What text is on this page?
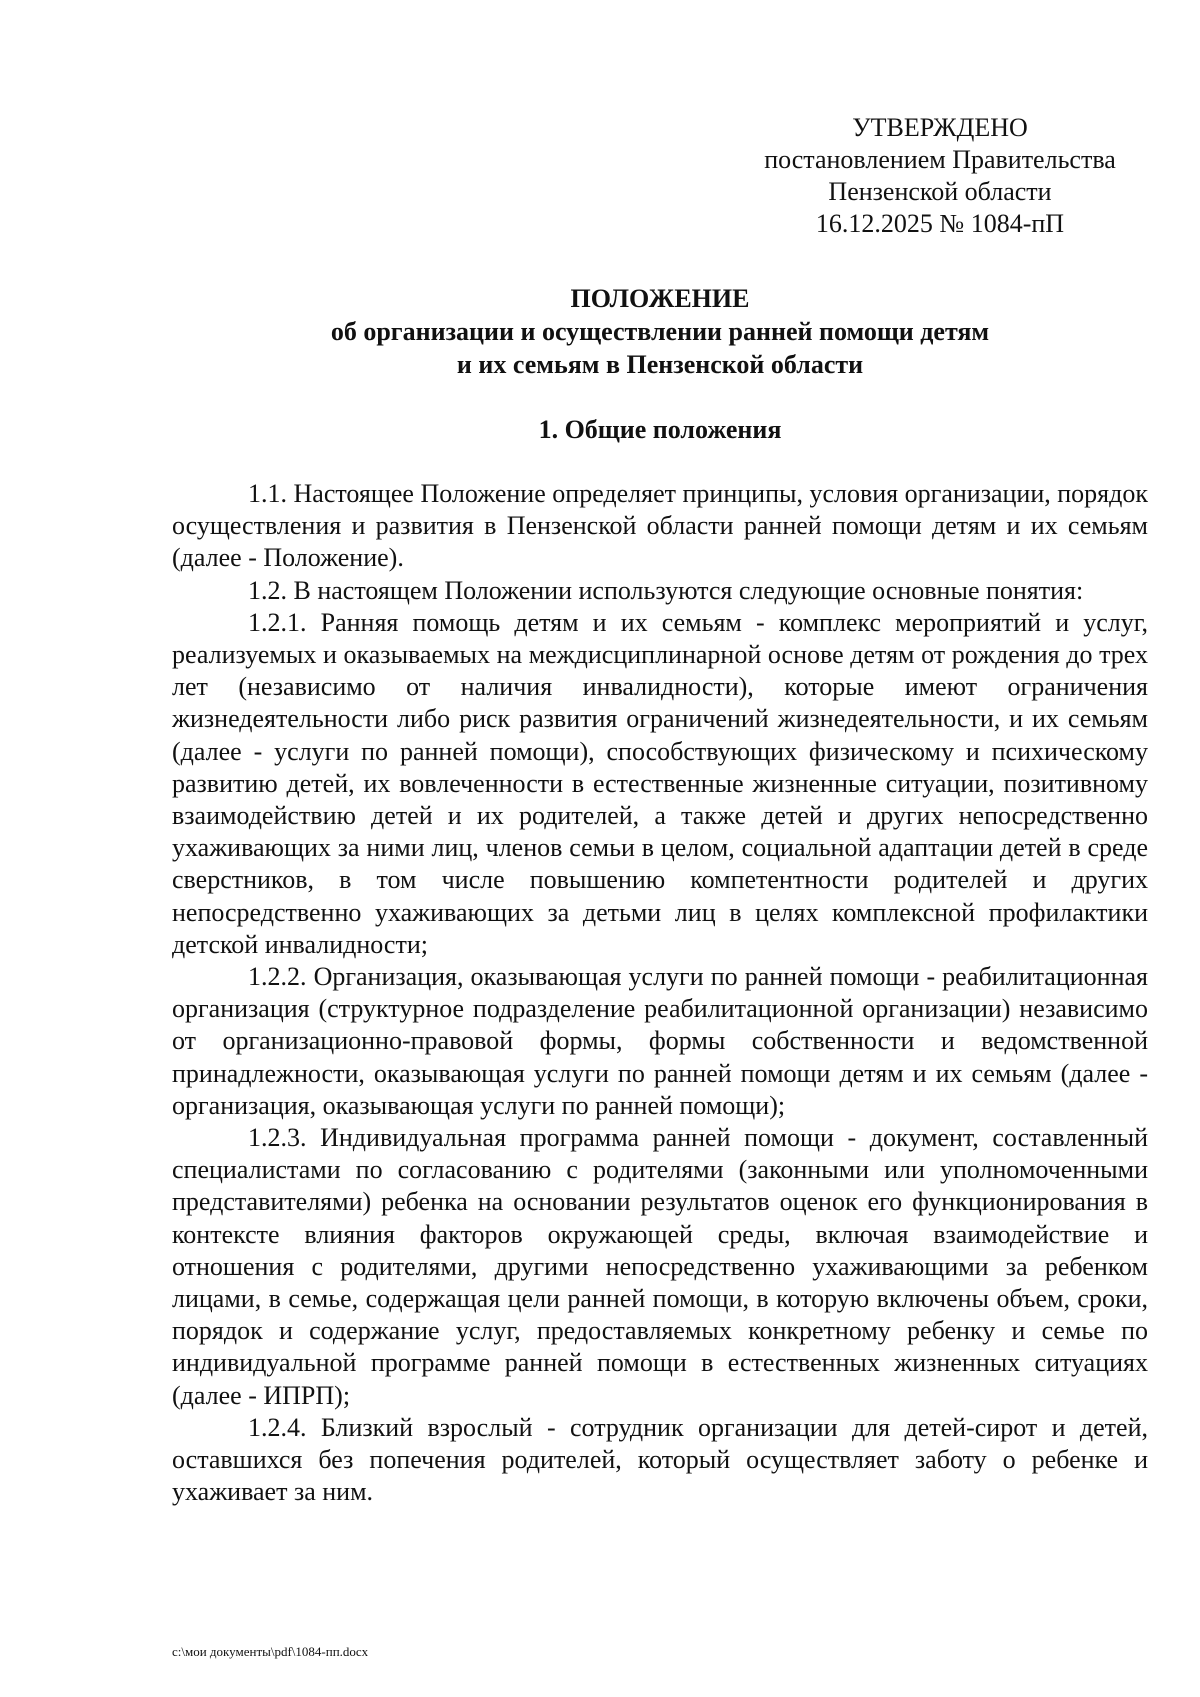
УТВЕРЖДЕНО
постановлением Правительства
Пензенской области
16.12.2025 № 1084-пП
ПОЛОЖЕНИЕ
об организации и осуществлении ранней помощи детям
и их семьям в Пензенской области
1. Общие положения

1.1. Настоящее Положение определяет принципы, условия организации, порядок осуществления и развития в Пензенской области ранней помощи детям и их семьям (далее - Положение).

1.2. В настоящем Положении используются следующие основные понятия:

1.2.1. Ранняя помощь детям и их семьям - комплекс мероприятий и услуг, реализуемых и оказываемых на междисциплинарной основе детям от рождения до трех лет (независимо от наличия инвалидности), которые имеют ограничения жизнедеятельности либо риск развития ограничений жизнедеятельности, и их семьям (далее - услуги по ранней помощи), способствующих физическому и психическому развитию детей, их вовлеченности в естественные жизненные ситуации, позитивному взаимодействию детей и их родителей, а также детей и других непосредственно ухаживающих за ними лиц, членов семьи в целом, социальной адаптации детей в среде сверстников, в том числе повышению компетентности родителей и других непосредственно ухаживающих за детьми лиц в целях комплексной профилактики детской инвалидности;

1.2.2. Организация, оказывающая услуги по ранней помощи - реабилитационная организация (структурное подразделение реабилитационной организации) независимо от организационно-правовой формы, формы собственности и ведомственной принадлежности, оказывающая услуги по ранней помощи детям и их семьям (далее - организация, оказывающая услуги по ранней помощи);

1.2.3. Индивидуальная программа ранней помощи - документ, составленный специалистами по согласованию с родителями (законными или уполномоченными представителями) ребенка на основании результатов оценок его функционирования в контексте влияния факторов окружающей среды, включая взаимодействие и отношения с родителями, другими непосредственно ухаживающими за ребенком лицами, в семье, содержащая цели ранней помощи, в которую включены объем, сроки, порядок и содержание услуг, предоставляемых конкретному ребенку и семье по индивидуальной программе ранней помощи в естественных жизненных ситуациях (далее - ИПРП);

1.2.4. Близкий взрослый - сотрудник организации для детей-сирот и детей, оставшихся без попечения родителей, который осуществляет заботу о ребенке и ухаживает за ним.

c:\мои документы\pdf\1084-пп.docx
